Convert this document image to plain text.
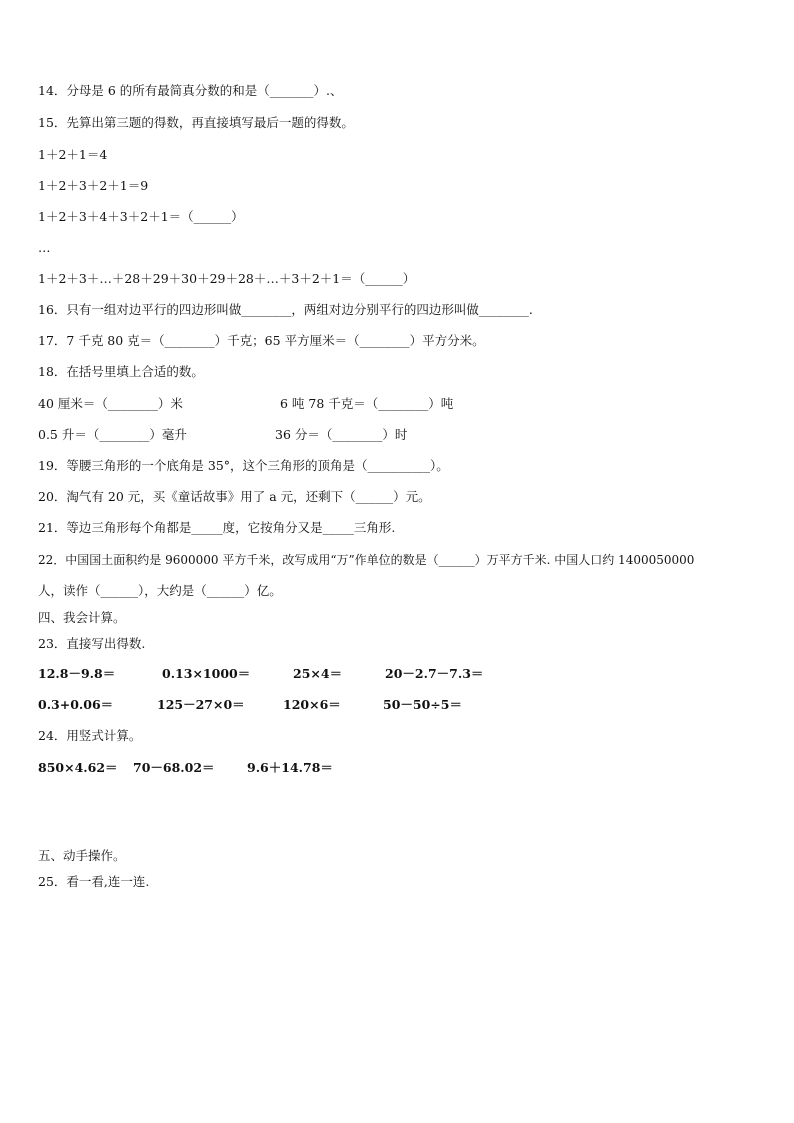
14．分母是 6 的所有最简真分数的和是（_______）.、
15．先算出第三题的得数，再直接填写最后一题的得数。
1＋2＋1＝4
1＋2＋3＋2＋1＝9
1＋2＋3＋4＋3＋2＋1＝（______）
…
1＋2＋3＋…＋28＋29＋30＋29＋28＋…＋3＋2＋1＝（______）
16．只有一组对边平行的四边形叫做________，两组对边分别平行的四边形叫做________.
17．7 千克 80 克＝（________）千克；65 平方厘米＝（________）平方分米。
18．在括号里填上合适的数。
40 厘米＝（________）米	6 吨 78 千克＝（________）吨
0.5 升＝（________）毫升	36 分＝（________）时
19．等腰三角形的一个底角是 35°，这个三角形的顶角是（__________）。
20．淘气有 20 元，买《童话故事》用了 a 元，还剩下（______）元。
21．等边三角形每个角都是_____度，它按角分又是_____三角形.
22．中国国土面积约是 9600000 平方千米，改写成用“万”作单位的数是（______）万平方千米. 中国人口约 1400050000
人，读作（______），大约是（______）亿。
四、我会计算。
23．直接写出得数.
12.8－9.8＝	0.13×1000＝	25×4＝	20－2.7－7.3＝
0.3+0.06＝	125－27×0＝	120×6＝	50－50÷5＝
24．用竖式计算。
850×4.62＝ 70－68.02＝	9.6＋14.78＝
五、动手操作。
25．看一看,连一连.
